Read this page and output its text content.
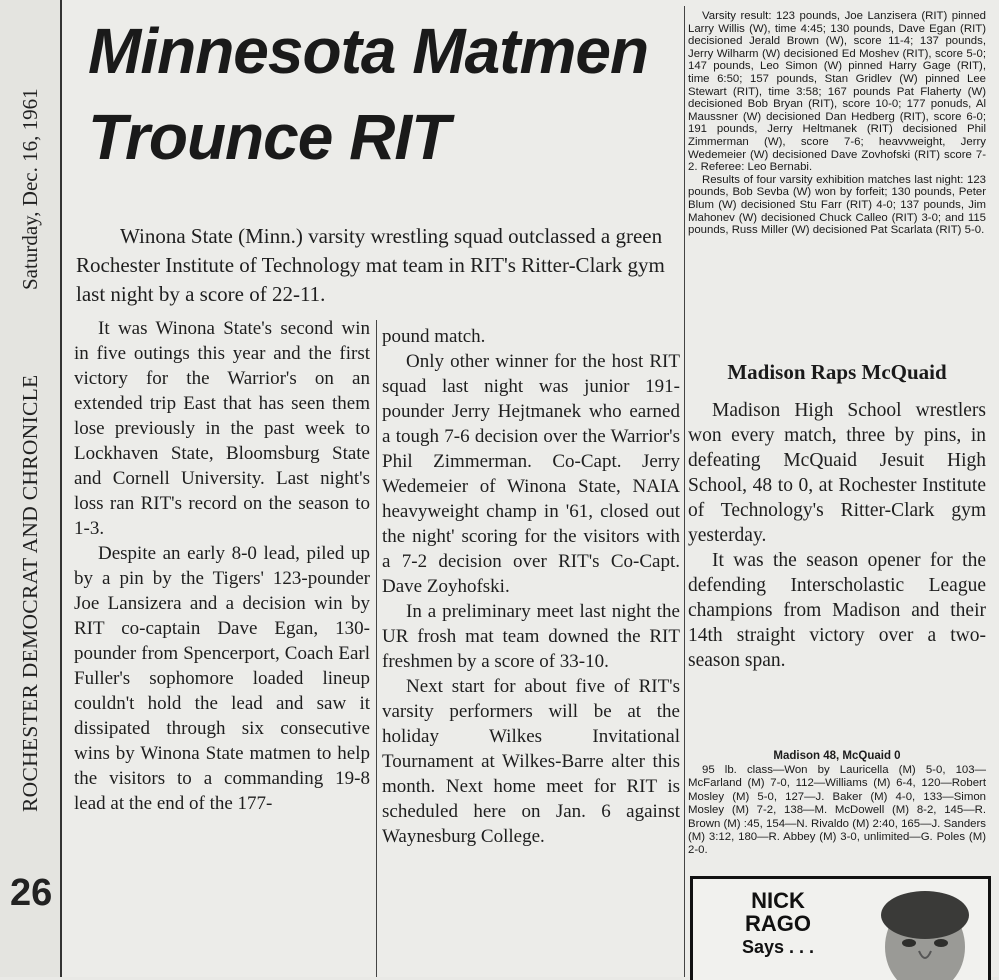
Saturday, Dec. 16, 1961
ROCHESTER DEMOCRAT AND CHRONICLE
26
Minnesota Matmen
Trounce RIT

Winona State (Minn.) varsity wrestling squad outclassed a green Rochester Institute of Technology mat team in RIT's Ritter-Clark gym last night by a score of 22-11.

It was Winona State's second win in five outings this year and the first victory for the Warrior's on an extended trip East that has seen them lose previously in the past week to Lockhaven State, Bloomsburg State and Cornell University. Last night's loss ran RIT's record on the season to 1-3.

Despite an early 8-0 lead, piled up by a pin by the Tigers' 123-pounder Joe Lansizera and a decision win by RIT co-captain Dave Egan, 130-pounder from Spencerport, Coach Earl Fuller's sophomore loaded lineup couldn't hold the lead and saw it dissipated through six consecutive wins by Winona State matmen to help the visitors to a commanding 19-8 lead at the end of the 177-

pound match.

Only other winner for the host RIT squad last night was junior 191-pounder Jerry Hejtmanek who earned a tough 7-6 decision over the Warrior's Phil Zimmerman. Co-Capt. Jerry Wedemeier of Winona State, NAIA heavyweight champ in '61, closed out the night' scoring for the visitors with a 7-2 decision over RIT's Co-Capt. Dave Zoyhofski.

In a preliminary meet last night the UR frosh mat team downed the RIT freshmen by a score of 33-10.

Next start for about five of RIT's varsity performers will be at the holiday Wilkes Invitational Tournament at Wilkes-Barre alter this month. Next home meet for RIT is scheduled here on Jan. 6 against Waynesburg College.

Varsity result: 123 pounds, Joe Lanzisera (RIT) pinned Larry Willis (W), time 4:45; 130 pounds, Dave Egan (RIT) decisioned Jerald Brown (W), score 11-4; 137 pounds, Jerry Wilharm (W) decisioned Ed Moshev (RIT), score 5-0; 147 pounds, Leo Simon (W) pinned Harry Gage (RIT), time 6:50; 157 pounds, Stan Gridlev (W) pinned Lee Stewart (RIT), time 3:58; 167 pounds Pat Flaherty (W) decisioned Bob Bryan (RIT), score 10-0; 177 ponuds, Al Maussner (W) decisioned Dan Hedberg (RIT), score 6-0; 191 pounds, Jerry Heltmanek (RIT) decisioned Phil Zimmerman (W), score 7-6; heavvweight, Jerry Wedemeier (W) decisioned Dave Zovhofski (RIT) score 7-2. Referee: Leo Bernabi.

Results of four varsity exhibition matches last night: 123 pounds, Bob Sevba (W) won by forfeit; 130 pounds, Peter Blum (W) decisioned Stu Farr (RIT) 4-0; 137 pounds, Jim Mahonev (W) decisioned Chuck Calleo (RIT) 3-0; and 115 pounds, Russ Miller (W) decisioned Pat Scarlata (RIT) 5-0.

Madison Raps McQuaid

Madison High School wrestlers won every match, three by pins, in defeating McQuaid Jesuit High School, 48 to 0, at Rochester Institute of Technology's Ritter-Clark gym yesterday.

It was the season opener for the defending Interscholastic League champions from Madison and their 14th straight victory over a two-season span.

Madison 48, McQuaid 0

95 lb. class—Won by Lauricella (M) 5-0, 103—McFarland (M) 7-0, 112—Williams (M) 6-4, 120—Robert Mosley (M) 5-0, 127—J. Baker (M) 4-0, 133—Simon Mosley (M) 7-2, 138—M. McDowell (M) 8-2, 145—R. Brown (M) :45, 154—N. Rivaldo (M) 2:40, 165—J. Sanders (M) 3:12, 180—R. Abbey (M) 3-0, unlimited—G. Poles (M) 2-0.

NICK
RAGO
Says . . .
